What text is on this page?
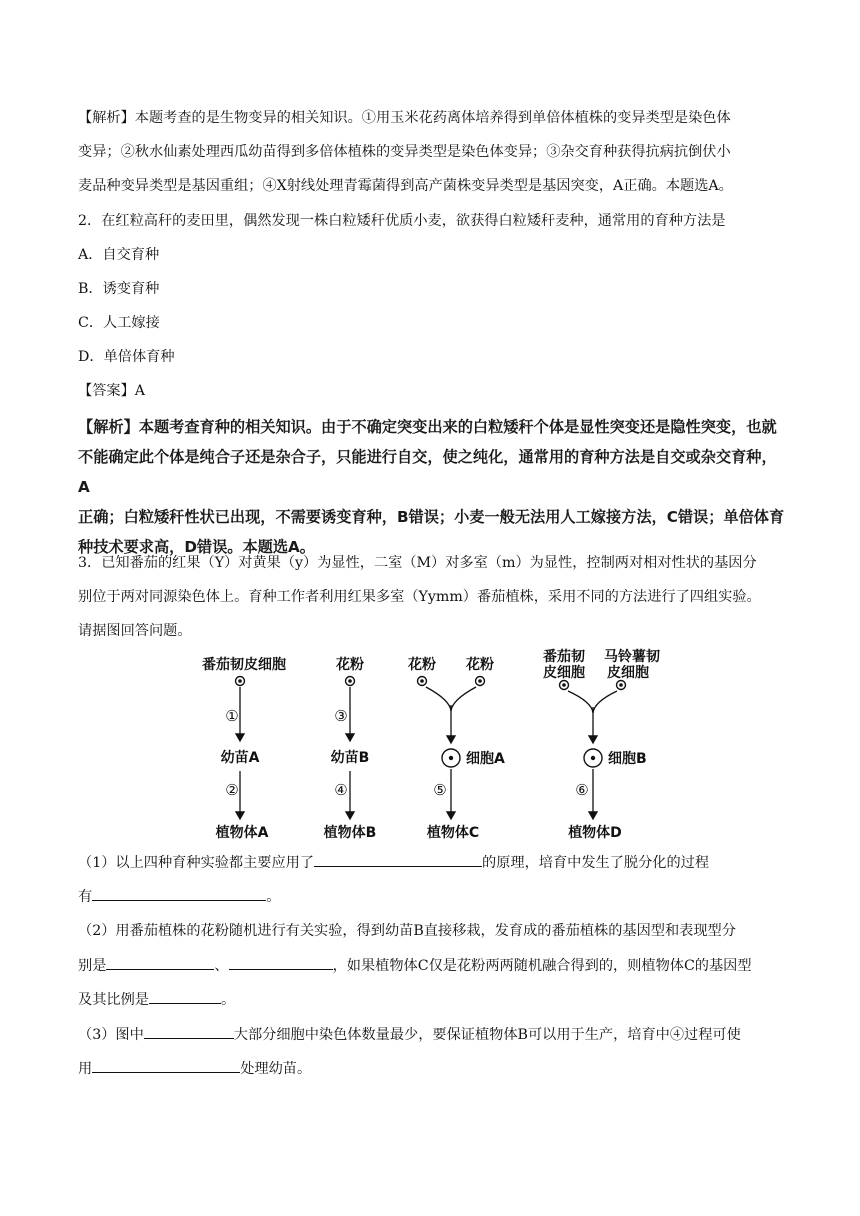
【解析】本题考查的是生物变异的相关知识。①用玉米花药离体培养得到单倍体植株的变异类型是染色体
变异；②秋水仙素处理西瓜幼苗得到多倍体植株的变异类型是染色体变异；③杂交育种获得抗病抗倒伏小
麦品种变异类型是基因重组；④X射线处理青霉菌得到高产菌株变异类型是基因突变，A正确。本题选A。
2．在红粒高秆的麦田里，偶然发现一株白粒矮秆优质小麦，欲获得白粒矮秆麦种，通常用的育种方法是
A．自交育种
B．诱变育种
C．人工嫁接
D．单倍体育种
【答案】A
【解析】本题考查育种的相关知识。由于不确定突变出来的白粒矮秆个体是显性突变还是隐性突变，也就
不能确定此个体是纯合子还是杂合子，只能进行自交，使之纯化，通常用的育种方法是自交或杂交育种，A
正确；白粒矮秆性状已出现，不需要诱变育种，B错误；小麦一般无法用人工嫁接方法，C错误；单倍体育
种技术要求高，D错误。本题选A。
3．已知番茄的红果（Y）对黄果（y）为显性，二室（M）对多室（m）为显性，控制两对相对性状的基因分
别位于两对同源染色体上。育种工作者利用红果多室（Yymm）番茄植株，采用不同的方法进行了四组实验。
请据图回答问题。
番茄韧皮细胞
①
幼苗A
②
植物体A
花粉
③
幼苗B
④
植物体B
花粉 花粉
细胞A
⑤
植物体C
番茄韧
皮细胞
马铃薯韧
皮细胞
细胞B
⑥
植物体D
（1）以上四种育种实验都主要应用了	的原理，培育中发生了脱分化的过程
有	。
（2）用番茄植株的花粉随机进行有关实验，得到幼苗B直接移栽，发育成的番茄植株的基因型和表现型分
别是	、	，如果植物体C仅是花粉两两随机融合得到的，则植物体C的基因型
及其比例是	。
（3）图中	大部分细胞中染色体数量最少，要保证植物体B可以用于生产，培育中④过程可使
用	处理幼苗。
